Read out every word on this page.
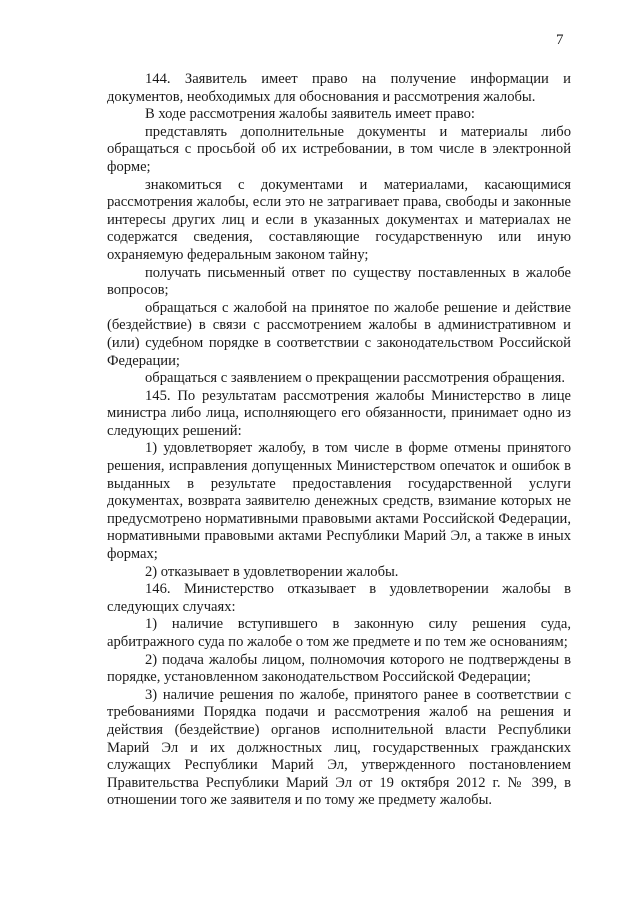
7

144. Заявитель имеет право на получение информации и документов, необходимых для обоснования и рассмотрения жалобы.

В ходе рассмотрения жалобы заявитель имеет право:

представлять дополнительные документы и материалы либо обращаться с просьбой об их истребовании, в том числе в электронной форме;

знакомиться с документами и материалами, касающимися рассмотрения жалобы, если это не затрагивает права, свободы и законные интересы других лиц и если в указанных документах и материалах не содержатся сведения, составляющие государственную или иную охраняемую федеральным законом тайну;

получать письменный ответ по существу поставленных в жалобе вопросов;

обращаться с жалобой на принятое по жалобе решение и действие (бездействие) в связи с рассмотрением жалобы в административном и (или) судебном порядке в соответствии с законодательством Российской Федерации;

обращаться с заявлением о прекращении рассмотрения обращения.

145. По результатам рассмотрения жалобы Министерство в лице министра либо лица, исполняющего его обязанности, принимает одно из следующих решений:

1) удовлетворяет жалобу, в том числе в форме отмены принятого решения, исправления допущенных Министерством опечаток и ошибок в выданных в результате предоставления государственной услуги документах, возврата заявителю денежных средств, взимание которых не предусмотрено нормативными правовыми актами Российской Федерации, нормативными правовыми актами Республики Марий Эл, а также в иных формах;

2) отказывает в удовлетворении жалобы.

146. Министерство отказывает в удовлетворении жалобы в следующих случаях:

1) наличие вступившего в законную силу решения суда, арбитражного суда по жалобе о том же предмете и по тем же основаниям;

2) подача жалобы лицом, полномочия которого не подтверждены в порядке, установленном законодательством Российской Федерации;

3) наличие решения по жалобе, принятого ранее в соответствии с требованиями Порядка подачи и рассмотрения жалоб на решения и действия (бездействие) органов исполнительной власти Республики Марий Эл и их должностных лиц, государственных гражданских служащих Республики Марий Эл, утвержденного постановлением Правительства Республики Марий Эл от 19 октября 2012 г. № 399, в отношении того же заявителя и по тому же предмету жалобы.
